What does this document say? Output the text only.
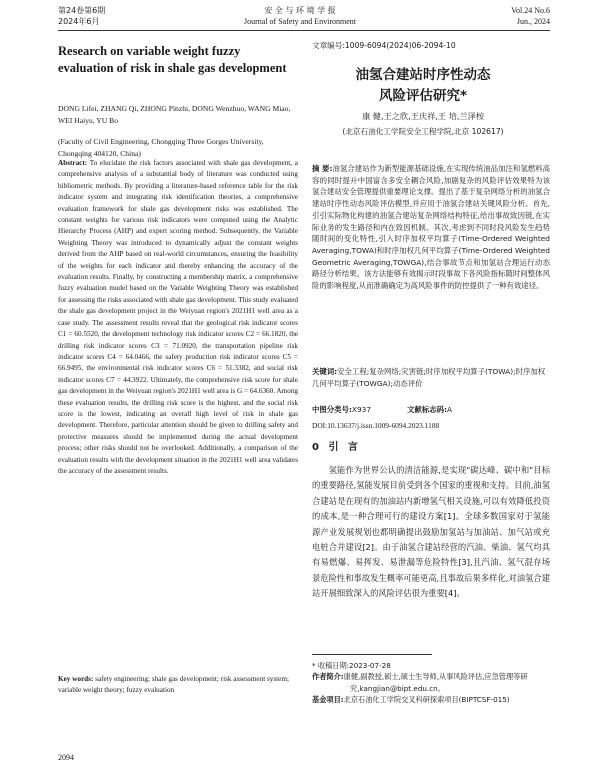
第24卷第6期
2024年6月
安 全 与 环 境 学 报
Journal of Safety and Environment
Vol.24 No.6
Jun., 2024
Research on variable weight fuzzy evaluation of risk in shale gas development
DONG Lifei, ZHANG Qi, ZHONG Pinzhi, DONG Wenzhuo, WANG Miao, WEI Haiyu, YU Bo
(Faculty of Civil Engineering, Chongqing Three Gorges University, Chongqing 404120, China)
Abstract: To elucidate the risk factors associated with shale gas development, a comprehensive analysis of a substantial body of literature was conducted using bibliometric methods. By providing a literature-based reference table for the risk indicator system and integrating risk identification theories, a comprehensive evaluation framework for shale gas development risks was established. The constant weights for various risk indicators were computed using the Analytic Hierarchy Process (AHP) and expert scoring method. Subsequently, the Variable Weighting Theory was introduced to dynamically adjust the constant weights derived from the AHP based on real-world circumstances, ensuring the feasibility of the weights for each indicator and thereby enhancing the accuracy of the evaluation results. Finally, by constructing a membership matrix, a comprehensive fuzzy evaluation model based on the Variable Weighting Theory was established for assessing the risks associated with shale gas development. This study evaluated the shale gas development project in the Weiyuan region's 2021H1 well area as a case study. The assessment results reveal that the geological risk indicator scores C1 = 60.5520, the development technology risk indicator scores C2 = 66.1820, the drilling risk indicator scores C3 = 71.0920, the transportation pipeline risk indicator scores C4 = 64.0466, the safety production risk indicator scores C5 = 66.9495, the environmental risk indicator scores C6 = 51.3382, and social risk indicator scores C7 = 44.3922. Ultimately, the comprehensive risk score for shale gas development in the Weiyuan region's 2021H1 well area is G = 64.6360. Among these evaluation results, the drilling risk score is the highest, and the social risk score is the lowest, indicating an overall high level of risk in shale gas development. Therefore, particular attention should be given to drilling safety and protective measures should be implemented during the actual development process; other risks should not be overlooked. Additionally, a comparison of the evaluation results with the development situation in the 2021H1 well area validates the accuracy of the assessment results.
Key words: safety engineering; shale gas development; risk assessment system; variable weight theory; fuzzy evaluation
文章编号:1009-6094(2024)06-2094-10
油氢合建站时序性动态
风险评估研究*
康 健,王之欣,王庆祥,王 培,兰泽桉
(北京石油化工学院安全工程学院,北京 102617)
摘 要:油氢合建站作为新型能源基础设施,在实现传统油品加注和氢燃料高容的同时提升中国富含多安全耦合风险,加剧复杂的风险评估效果特为该氢合建站安全管理提供重要理论支撑。提出了基于复杂网络分析的油氢合建站时序性动态风险评估模型,并应用于油氢合建站关键风险分析。首先,引引实际物化构建的油氢合建站复杂网络结构特征,给出事故致因链,在实际业务的发生路径和内在致因机制。其次,考虑到不同时段风险发生趋势随时间的变化特性,引入时序加权平均算子(Time-Ordered Weighted Averaging,TOWA)和时序加权几何平均算子(Time-Ordered Weighted Geometric Averaging,TOWGA),结合事故节点和加氢站合理运行动态路径分析结果。该方法能够有效揭示时段事故下各风险指标随时间整体风险的影响程度,从而准确确定为高风险事件的防控提供了一种有效途径。
关键词:安全工程;复杂网络;灾害链;时序加权平均算子(TOWA);时序加权几何平均算子(TOWGA);动态评价
中图分类号:X937	文献标志码:A
DOI:10.13637/j.issn.1009-6094.2023.1188
0 引 言
氢能作为世界公认的清洁能源,是实现"碳达峰、碳中和"目标的重要路径,氢能发展目前受到各个国家的重视和支持。目前,油氢合建站是在现有的加油站内新增氢气相关设施,可以有效降低投资的成本,是一种合理可行的建设方案[1]。全球多数国家对于氢能源产业发展规划也都明确提出鼓励加氢站与加油站、加气站或充电桩合并建设[2]。由于油氢合建站经营的汽油、柴油、氢气均具有易燃爆、易挥发、易泄漏等危险特性[3],且汽油、氢气混存场景危险性和事故发生概率可能更高,且事故后果多样化,对油氢合建站开展细致深入的风险评估很为重要[4]。
* 收稿日期:2023-07-28
作者简介:康健,副教授,硕士,硕士生导师,从事风险评估,应急管理等研究,kangjian@bipt.edu.cn。
基金项目:北京石油化工学院交叉科研探索项目(BIPTCSF-015)
2094
